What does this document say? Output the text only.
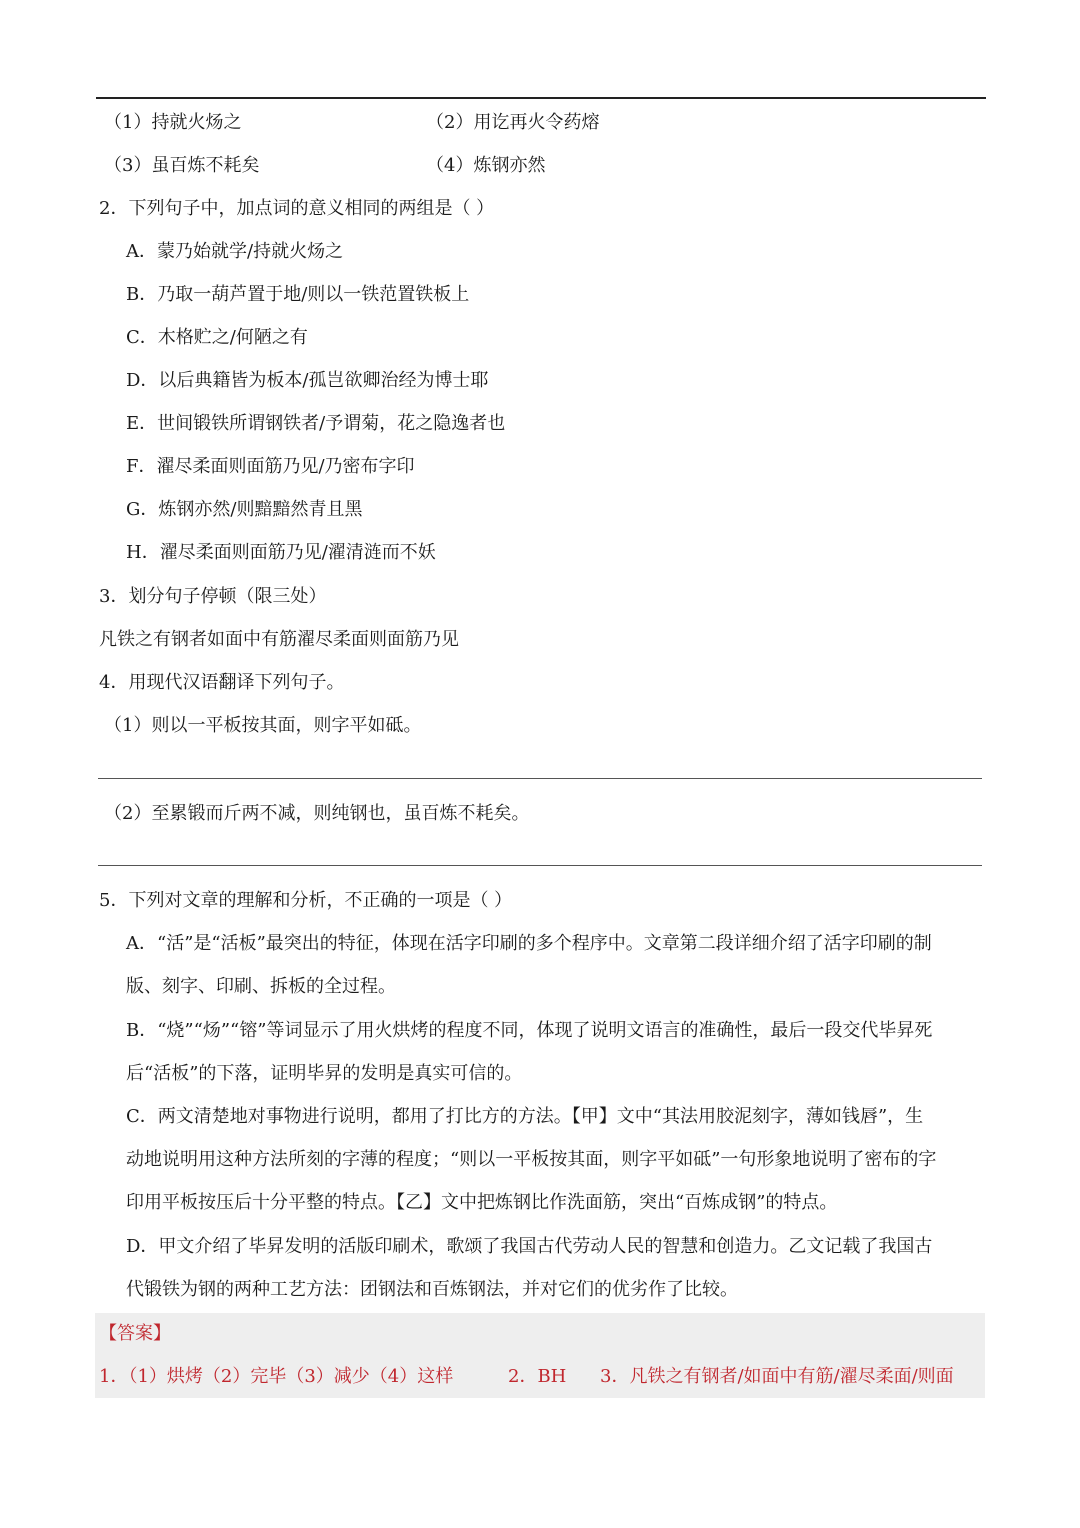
（1）持就火炀之	（2）用讫再火令药熔
（3）虽百炼不耗矣	（4）炼钢亦然
2．下列句子中，加点词的意义相同的两组是（ ）
A．蒙乃始就学/持就火炀之
B．乃取一葫芦置于地/则以一铁范置铁板上
C．木格贮之/何陋之有
D．以后典籍皆为板本/孤岂欲卿治经为博士耶
E．世间锻铁所谓钢铁者/予谓菊，花之隐逸者也
F．濯尽柔面则面筋乃见/乃密布字印
G．炼钢亦然/则黯黯然青且黑
H．濯尽柔面则面筋乃见/濯清涟而不妖
3．划分句子停顿（限三处）
凡铁之有钢者如面中有筋濯尽柔面则面筋乃见
4．用现代汉语翻译下列句子。
（1）则以一平板按其面，则字平如砥。
（2）至累锻而斤两不减，则纯钢也，虽百炼不耗矣。
5．下列对文章的理解和分析，不正确的一项是（ ）
A．“活”是“活板”最突出的特征，体现在活字印刷的多个程序中。文章第二段详细介绍了活字印刷的制
版、刻字、印刷、拆板的全过程。
B．“烧”“炀”“镕”等词显示了用火烘烤的程度不同，体现了说明文语言的准确性，最后一段交代毕昇死
后“活板”的下落，证明毕昇的发明是真实可信的。
C．两文清楚地对事物进行说明，都用了打比方的方法。【甲】文中“其法用胶泥刻字，薄如钱唇”，生
动地说明用这种方法所刻的字薄的程度；“则以一平板按其面，则字平如砥”一句形象地说明了密布的字
印用平板按压后十分平整的特点。【乙】文中把炼钢比作洗面筋，突出“百炼成钢”的特点。
D．甲文介绍了毕昇发明的活版印刷术，歌颂了我国古代劳动人民的智慧和创造力。乙文记载了我国古
代锻铁为钢的两种工艺方法：团钢法和百炼钢法，并对它们的优劣作了比较。
【答案】
1．（1）烘烤（2）完毕（3）减少（4）这样	2．BH 3．凡铁之有钢者/如面中有筋/濯尽柔面/则面
